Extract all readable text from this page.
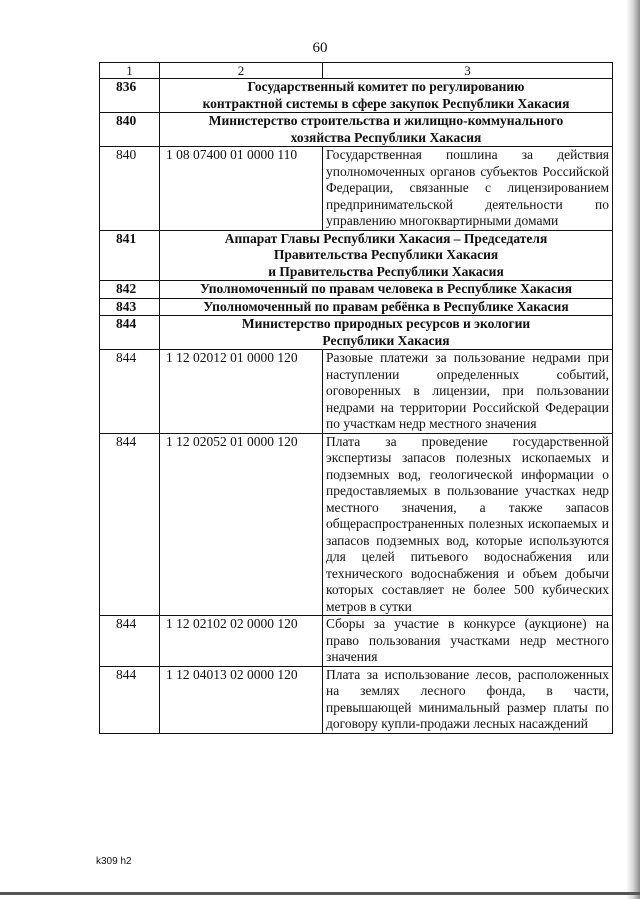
60
1	2	3
836	Государственный комитет по регулированию
контрактной системы в сфере закупок Республики Хакасия	

840	Министерство строительства и жилищно-коммунального
хозяйства Республики Хакасия	

840	1 08 07400 01 0000 110	Государственная пошлина за действия уполномоченных органов субъектов Российской Федерации, связанные с лицензированием предпринимательской деятельности по управлению многоквартирными домами
841	Аппарат Главы Республики Хакасия – Председателя
Правительства Республики Хакасия
и Правительства Республики Хакасия	

842	Уполномоченный по правам человека в Республике Хакасия	

843	Уполномоченный по правам ребёнка в Республике Хакасия	

844	Министерство природных ресурсов и экологии
Республики Хакасия	

844	1 12 02012 01 0000 120	Разовые платежи за пользование недрами при наступлении определенных событий, оговоренных в лицензии, при пользовании недрами на территории Российской Федерации по участкам недр местного значения
844	1 12 02052 01 0000 120	Плата за проведение государственной экспертизы запасов полезных ископаемых и подземных вод, геологической информации о предоставляемых в пользование участках недр местного значения, а также запасов общераспространенных полезных ископаемых и запасов подземных вод, которые используются для целей питьевого водоснабжения или технического водоснабжения и объем добычи которых составляет не более 500 кубических метров в сутки
844	1 12 02102 02 0000 120	Сборы за участие в конкурсе (аукционе) на право пользования участками недр местного значения
844	1 12 04013 02 0000 120	Плата за использование лесов, расположенных на землях лесного фонда, в части, превышающей минимальный размер платы по договору купли-продажи лесных насаждений
k309 h2
